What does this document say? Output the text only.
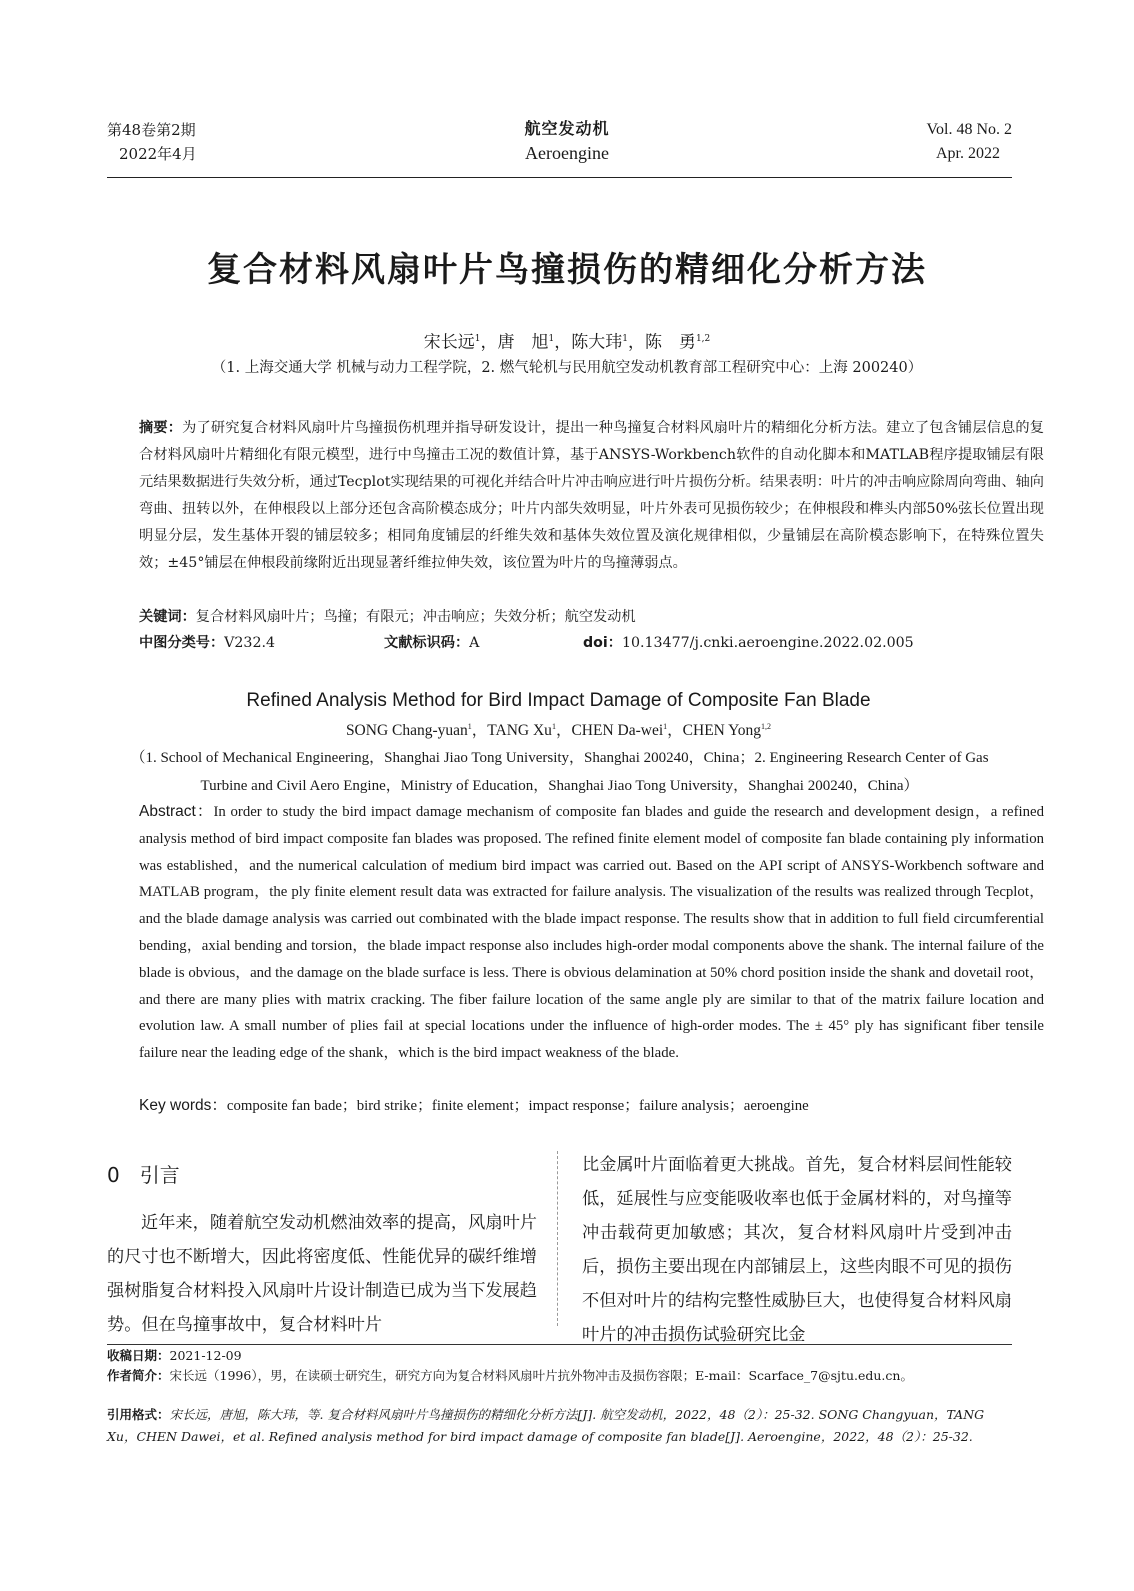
第48卷第2期
2022年4月
航空发动机
Aeroengine
Vol. 48 No. 2
Apr. 2022
复合材料风扇叶片鸟撞损伤的精细化分析方法
宋长远$^1$，唐　旭$^1$，陈大玮$^1$，陈　勇$^{1,2}$
（1. 上海交通大学 机械与动力工程学院，2. 燃气轮机与民用航空发动机教育部工程研究中心：上海 200240）
摘要：为了研究复合材料风扇叶片鸟撞损伤机理并指导研发设计，提出一种鸟撞复合材料风扇叶片的精细化分析方法。建立了包含铺层信息的复合材料风扇叶片精细化有限元模型，进行中鸟撞击工况的数值计算，基于ANSYS-Workbench软件的自动化脚本和MATLAB程序提取铺层有限元结果数据进行失效分析，通过Tecplot实现结果的可视化并结合叶片冲击响应进行叶片损伤分析。结果表明：叶片的冲击响应除周向弯曲、轴向弯曲、扭转以外，在伸根段以上部分还包含高阶模态成分；叶片内部失效明显，叶片外表可见损伤较少；在伸根段和榫头内部50%弦长位置出现明显分层，发生基体开裂的铺层较多；相同角度铺层的纤维失效和基体失效位置及演化规律相似，少量铺层在高阶模态影响下，在特殊位置失效；±45°铺层在伸根段前缘附近出现显著纤维拉伸失效，该位置为叶片的鸟撞薄弱点。
关键词：复合材料风扇叶片；鸟撞；有限元；冲击响应；失效分析；航空发动机
中图分类号：V232.4	文献标识码：A	doi：10.13477/j.cnki.aeroengine.2022.02.005
Refined Analysis Method for Bird Impact Damage of Composite Fan Blade
SONG Chang-yuan$^1$，TANG Xu$^1$，CHEN Da-wei$^1$，CHEN Yong$^{1,2}$
（1. School of Mechanical Engineering，Shanghai Jiao Tong University，Shanghai 200240，China；2. Engineering Research Center of Gas Turbine and Civil Aero Engine，Ministry of Education，Shanghai Jiao Tong University，Shanghai 200240，China）
Abstract：In order to study the bird impact damage mechanism of composite fan blades and guide the research and development design，a refined analysis method of bird impact composite fan blades was proposed. The refined finite element model of composite fan blade containing ply information was established，and the numerical calculation of medium bird impact was carried out. Based on the API script of ANSYS-Workbench software and MATLAB program，the ply finite element result data was extracted for failure analysis. The visualization of the results was realized through Tecplot，and the blade damage analysis was carried out combinated with the blade impact response. The results show that in addition to full field circumferential bending，axial bending and torsion，the blade impact response also includes high-order modal components above the shank. The internal failure of the blade is obvious，and the damage on the blade surface is less. There is obvious delamination at 50% chord position inside the shank and dovetail root，and there are many plies with matrix cracking. The fiber failure location of the same angle ply are similar to that of the matrix failure location and evolution law. A small number of plies fail at special locations under the influence of high-order modes. The ± 45° ply has significant fiber tensile failure near the leading edge of the shank，which is the bird impact weakness of the blade.
Key words：composite fan bade；bird strike；finite element；impact response；failure analysis；aeroengine
0 引言
近年来，随着航空发动机燃油效率的提高，风扇叶片的尺寸也不断增大，因此将密度低、性能优异的碳纤维增强树脂复合材料投入风扇叶片设计制造已成为当下发展趋势。但在鸟撞事故中，复合材料叶片
比金属叶片面临着更大挑战。首先，复合材料层间性能较低，延展性与应变能吸收率也低于金属材料的，对鸟撞等冲击载荷更加敏感；其次，复合材料风扇叶片受到冲击后，损伤主要出现在内部铺层上，这些肉眼不可见的损伤不但对叶片的结构完整性威胁巨大，也使得复合材料风扇叶片的冲击损伤试验研究比金
收稿日期：2021-12-09
作者简介：宋长远（1996），男，在读硕士研究生，研究方向为复合材料风扇叶片抗外物冲击及损伤容限；E-mail：Scarface_7@sjtu.edu.cn。
引用格式：宋长远，唐旭，陈大玮，等. 复合材料风扇叶片鸟撞损伤的精细化分析方法[J]. 航空发动机，2022，48（2）：25-32. SONG Changyuan，TANG Xu，CHEN Dawei，et al. Refined analysis method for bird impact damage of composite fan blade[J]. Aeroengine，2022，48（2）：25-32.
